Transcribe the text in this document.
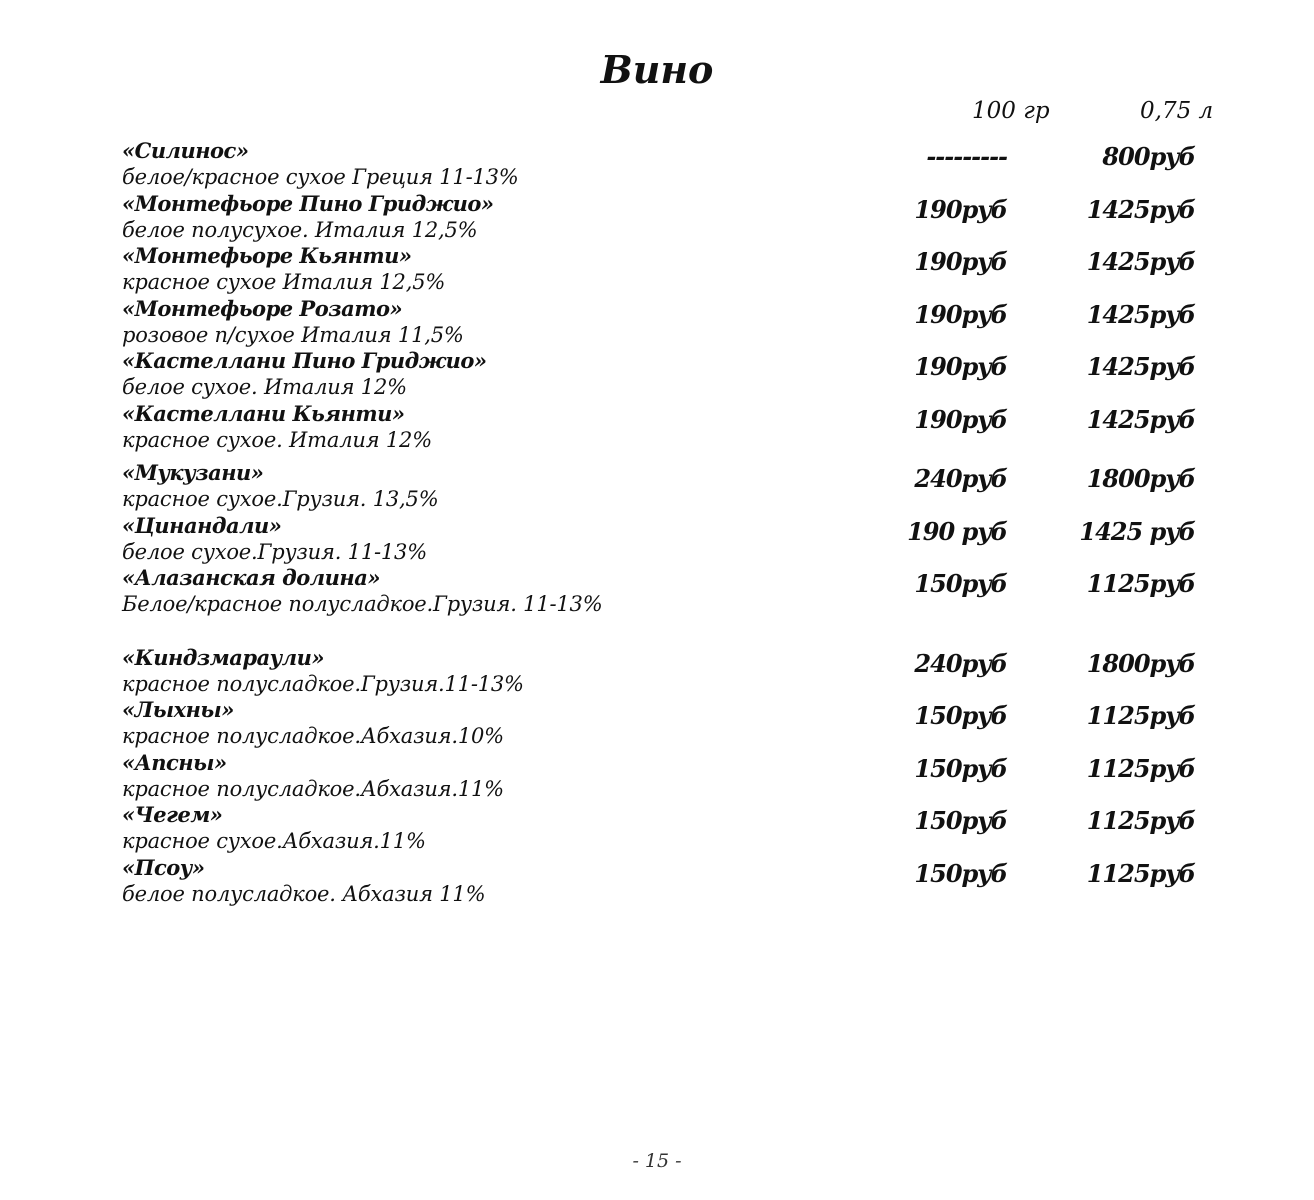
Вино
100 гр	0,75 л
«Силинос»
белое/красное сухое Греция 11-13%
---------	800руб
«Монтефьоре Пино Гриджио»
белое полусухое. Италия 12,5%
190руб	1425руб
«Монтефьоре Кьянти»
красное сухое Италия 12,5%
190руб	1425руб
«Монтефьоре Розато»
розовое п/сухое Италия 11,5%
190руб	1425руб
«Кастеллани Пино Гриджио»
белое сухое. Италия 12%
190руб	1425руб
«Кастеллани Кьянти»
красное сухое. Италия 12%
190руб	1425руб
«Мукузани»
красное сухое.Грузия. 13,5%
240руб	1800руб
«Цинандали»
белое сухое.Грузия. 11-13%
190 руб	1425 руб
«Алазанская долина»
Белое/красное полусладкое.Грузия. 11-13%
150руб	1125руб
«Киндзмараули»
красное полусладкое.Грузия.11-13%
240руб	1800руб
«Лыхны»
красное полусладкое.Абхазия.10%
150руб	1125руб
«Апсны»
красное полусладкое.Абхазия.11%
150руб	1125руб
«Чегем»
красное сухое.Абхазия.11%
150руб	1125руб
«Псоу»
белое полусладкое. Абхазия 11%
150руб	1125руб
- 15 -
